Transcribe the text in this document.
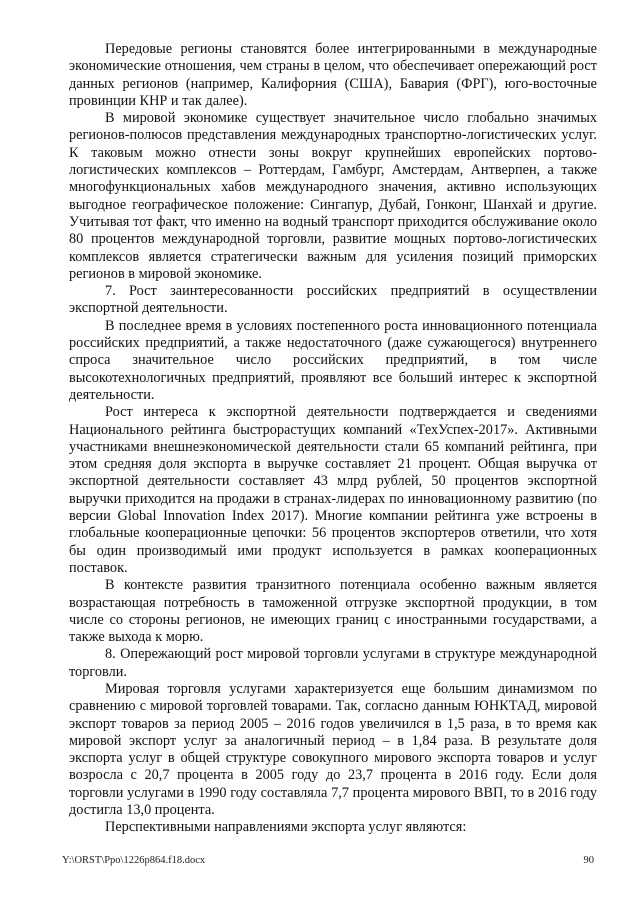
Передовые регионы становятся более интегрированными в международные экономические отношения, чем страны в целом, что обеспечивает опережающий рост данных регионов (например, Калифорния (США), Бавария (ФРГ), юго-восточные провинции КНР и так далее).

В мировой экономике существует значительное число глобально значимых регионов-полюсов представления международных транспортно-логистических услуг. К таковым можно отнести зоны вокруг крупнейших европейских портово-логистических комплексов – Роттердам, Гамбург, Амстердам, Антверпен, а также многофункциональных хабов международного значения, активно использующих выгодное географическое положение: Сингапур, Дубай, Гонконг, Шанхай и другие. Учитывая тот факт, что именно на водный транспорт приходится обслуживание около 80 процентов международной торговли, развитие мощных портово-логистических комплексов является стратегически важным для усиления позиций приморских регионов в мировой экономике.

7. Рост заинтересованности российских предприятий в осуществлении экспортной деятельности.

В последнее время в условиях постепенного роста инновационного потенциала российских предприятий, а также недостаточного (даже сужающегося) внутреннего спроса значительное число российских предприятий, в том числе высокотехнологичных предприятий, проявляют все больший интерес к экспортной деятельности.

Рост интереса к экспортной деятельности подтверждается и сведениями Национального рейтинга быстрорастущих компаний «ТехУспех-2017». Активными участниками внешнеэкономической деятельности стали 65 компаний рейтинга, при этом средняя доля экспорта в выручке составляет 21 процент. Общая выручка от экспортной деятельности составляет 43 млрд рублей, 50 процентов экспортной выручки приходится на продажи в странах-лидерах по инновационному развитию (по версии Global Innovation Index 2017). Многие компании рейтинга уже встроены в глобальные кооперационные цепочки: 56 процентов экспортеров ответили, что хотя бы один производимый ими продукт используется в рамках кооперационных поставок.

В контексте развития транзитного потенциала особенно важным является возрастающая потребность в таможенной отгрузке экспортной продукции, в том числе со стороны регионов, не имеющих границ с иностранными государствами, а также выхода к морю.

8. Опережающий рост мировой торговли услугами в структуре международной торговли.

Мировая торговля услугами характеризуется еще большим динамизмом по сравнению с мировой торговлей товарами. Так, согласно данным ЮНКТАД, мировой экспорт товаров за период 2005 – 2016 годов увеличился в 1,5 раза, в то время как мировой экспорт услуг за аналогичный период – в 1,84 раза. В результате доля экспорта услуг в общей структуре совокупного мирового экспорта товаров и услуг возросла с 20,7 процента в 2005 году до 23,7 процента в 2016 году. Если доля торговли услугами в 1990 году составляла 7,7 процента мирового ВВП, то в 2016 году достигла 13,0 процента.

Перспективными направлениями экспорта услуг являются:

Y:\ORST\Ppo\1226p864.f18.docx	90
